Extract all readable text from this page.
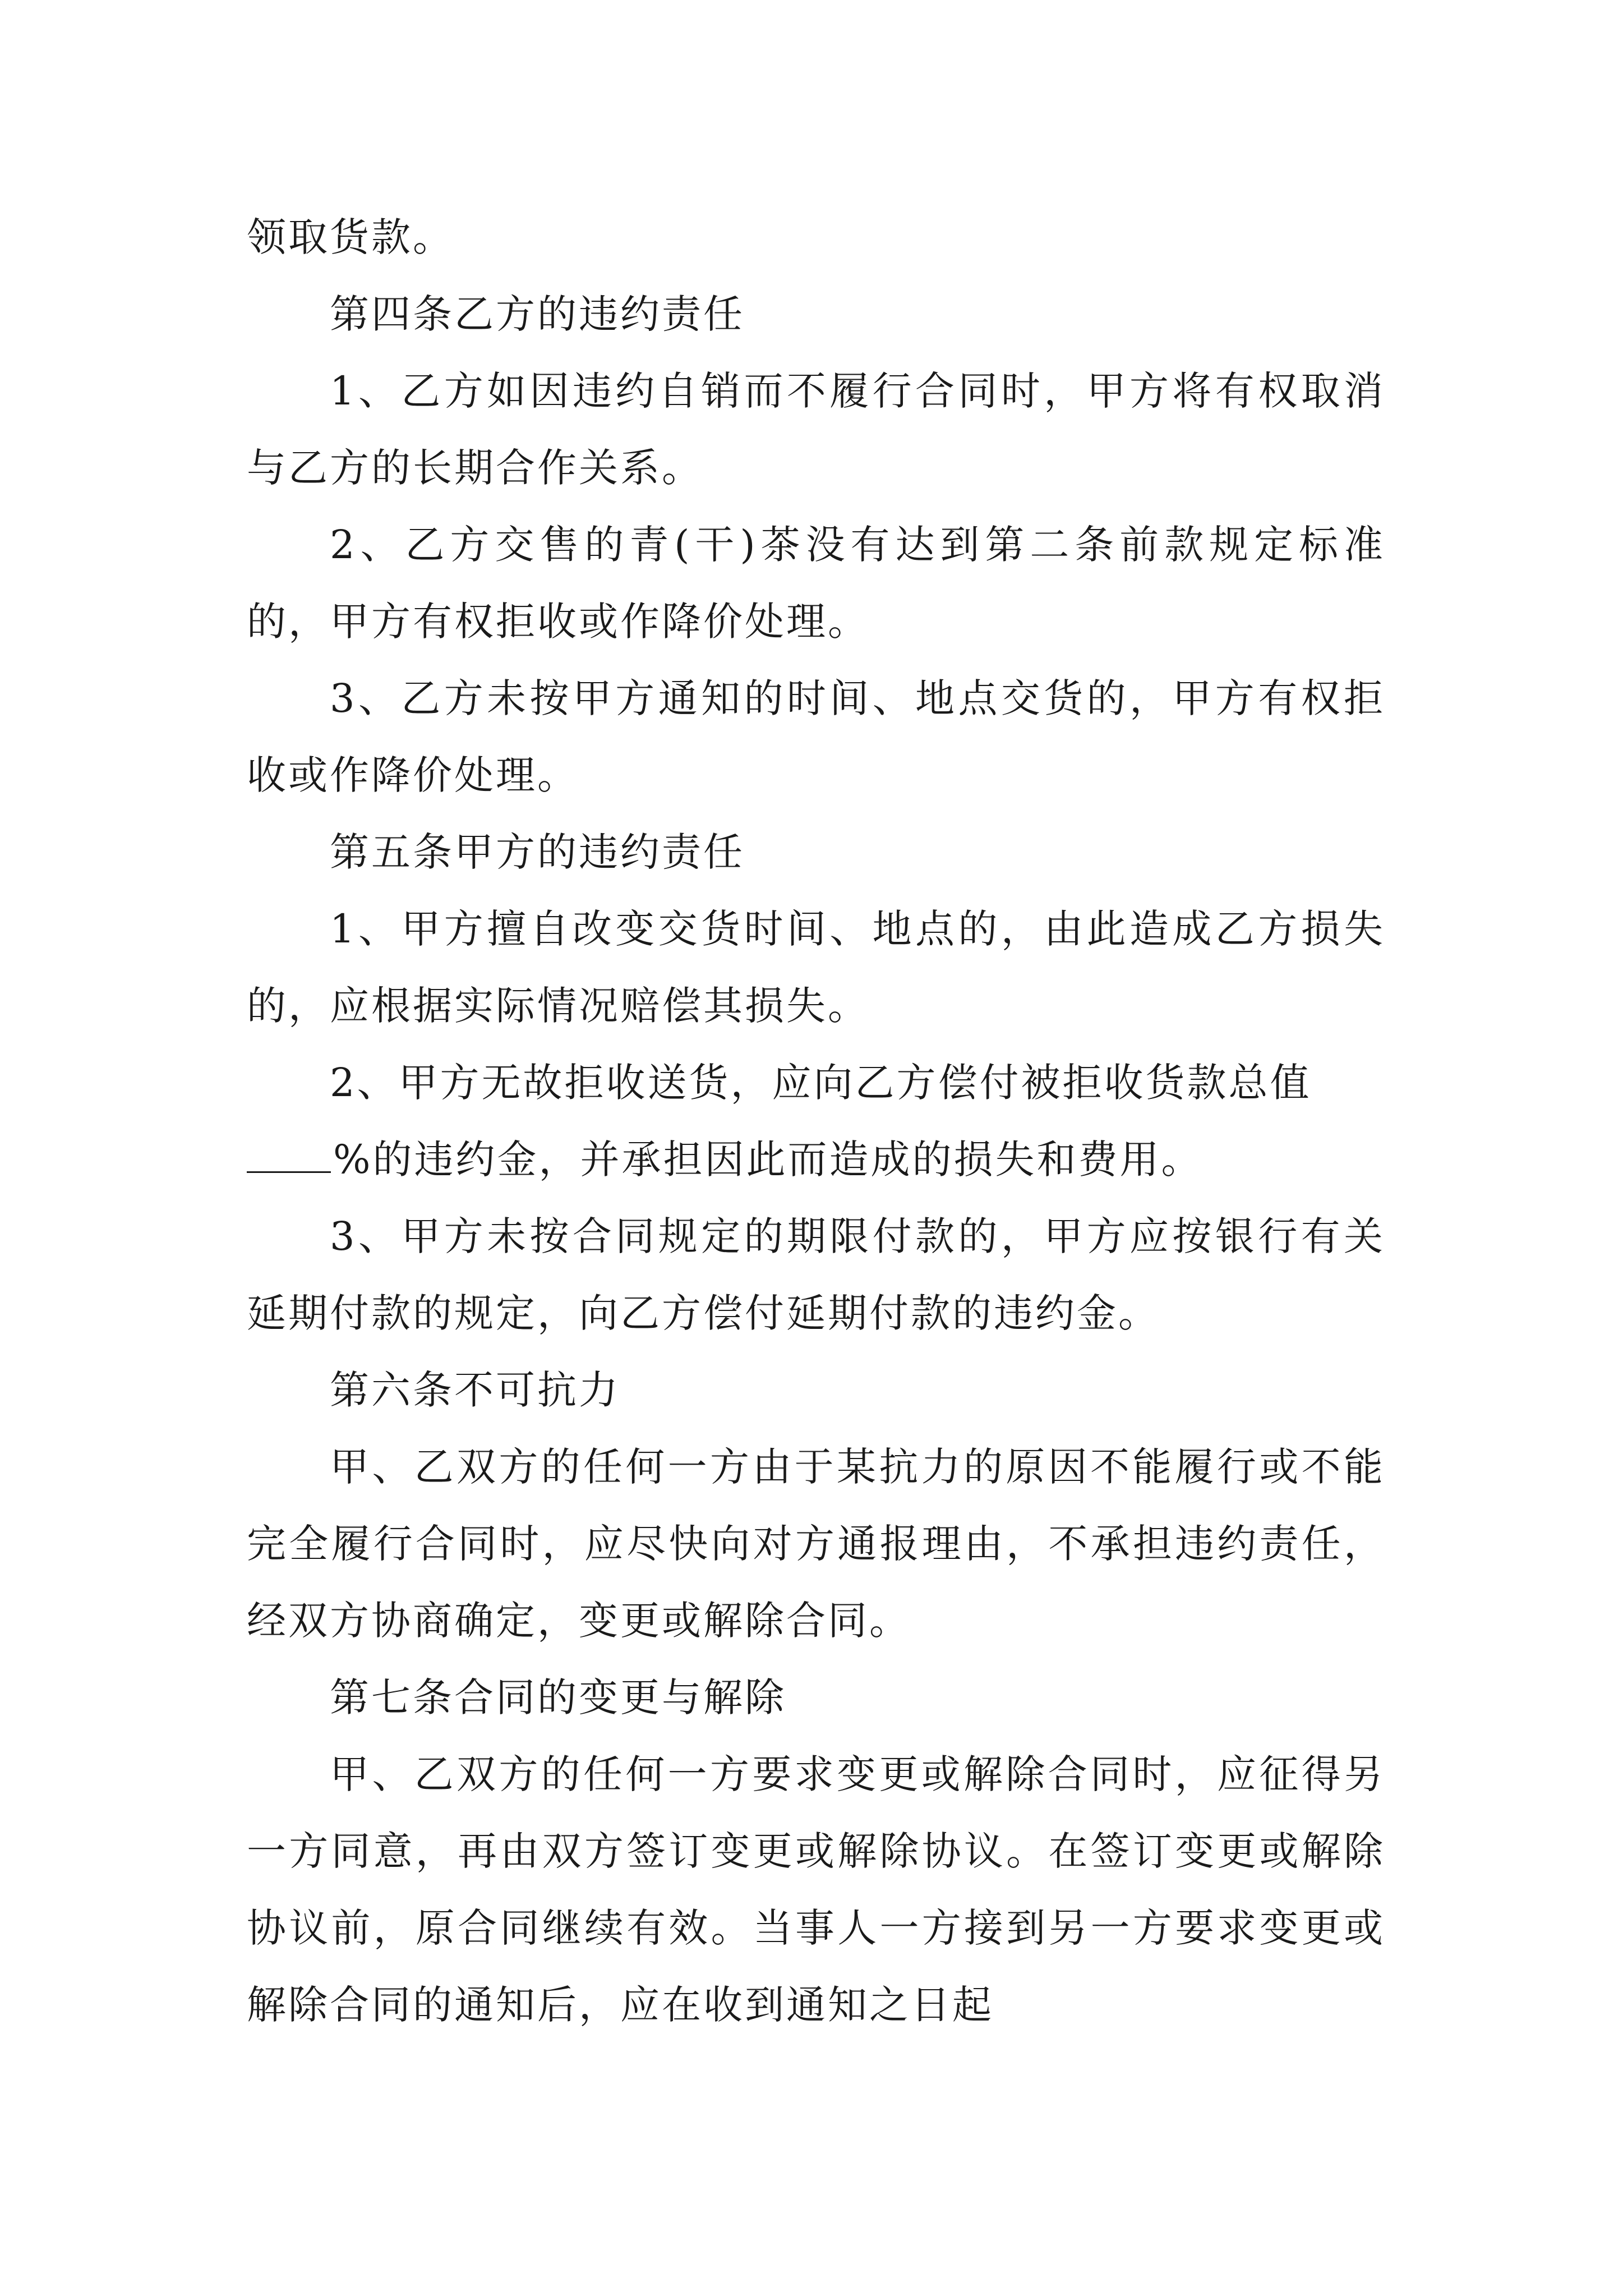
领取货款。

第四条乙方的违约责任

1、乙方如因违约自销而不履行合同时，甲方将有权取消与乙方的长期合作关系。

2、乙方交售的青(干)茶没有达到第二条前款规定标准的，甲方有权拒收或作降价处理。

3、乙方未按甲方通知的时间、地点交货的，甲方有权拒收或作降价处理。

第五条甲方的违约责任

1、甲方擅自改变交货时间、地点的，由此造成乙方损失的，应根据实际情况赔偿其损失。

2、甲方无故拒收送货，应向乙方偿付被拒收货款总值

%的违约金，并承担因此而造成的损失和费用。

3、甲方未按合同规定的期限付款的，甲方应按银行有关延期付款的规定，向乙方偿付延期付款的违约金。

第六条不可抗力

甲、乙双方的任何一方由于某抗力的原因不能履行或不能完全履行合同时，应尽快向对方通报理由，不承担违约责任，经双方协商确定，变更或解除合同。

第七条合同的变更与解除

甲、乙双方的任何一方要求变更或解除合同时，应征得另一方同意，再由双方签订变更或解除协议。在签订变更或解除协议前，原合同继续有效。当事人一方接到另一方要求变更或解除合同的通知后，应在收到通知之日起
